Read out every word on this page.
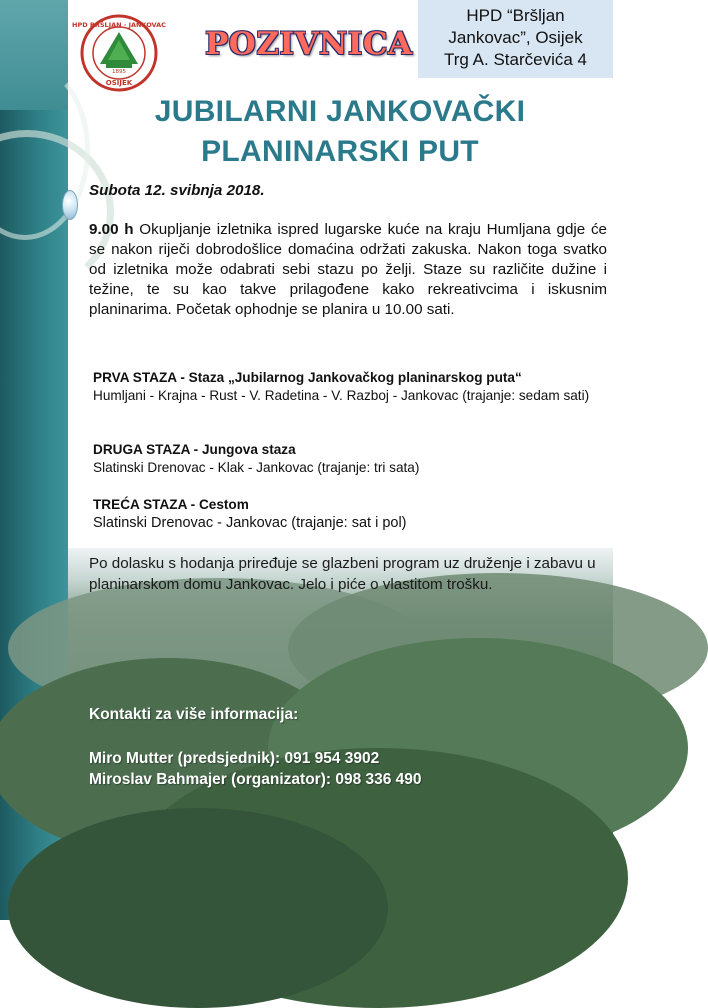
HPD BRŠLJAN · JANKOVAC
1895
OSIJEK
POZIVNICA
HPD “Bršljan
Jankovac”, Osijek
Trg A. Starčevića 4
JUBILARNI JANKOVAČKI
PLANINARSKI PUT
Subota 12. svibnja 2018.
9.00 h Okupljanje izletnika ispred lugarske kuće na kraju Humljana gdje će se nakon riječi dobrodošlice domaćina održati zakuska. Nakon toga svatko od izletnika može odabrati sebi stazu po želji. Staze su različite dužine i težine, te su kao takve prilagođene kako rekreativcima i iskusnim planinarima. Početak ophodnje se planira u 10.00 sati.
PRVA STAZA - Staza „Jubilarnog Jankovačkog planinarskog puta“
Humljani - Krajna - Rust - V. Radetina - V. Razboj - Jankovac (trajanje: sedam sati)
DRUGA STAZA - Jungova staza
Slatinski Drenovac - Klak - Jankovac (trajanje: tri sata)
TREĆA STAZA - Cestom
Slatinski Drenovac - Jankovac (trajanje: sat i pol)
Po dolasku s hodanja priređuje se glazbeni program uz druženje i zabavu u planinarskom domu Jankovac. Jelo i piće o vlastitom trošku.
Kontakti za više informacija:
Miro Mutter (predsjednik): 091 954 3902
Miroslav Bahmajer (organizator): 098 336 490
